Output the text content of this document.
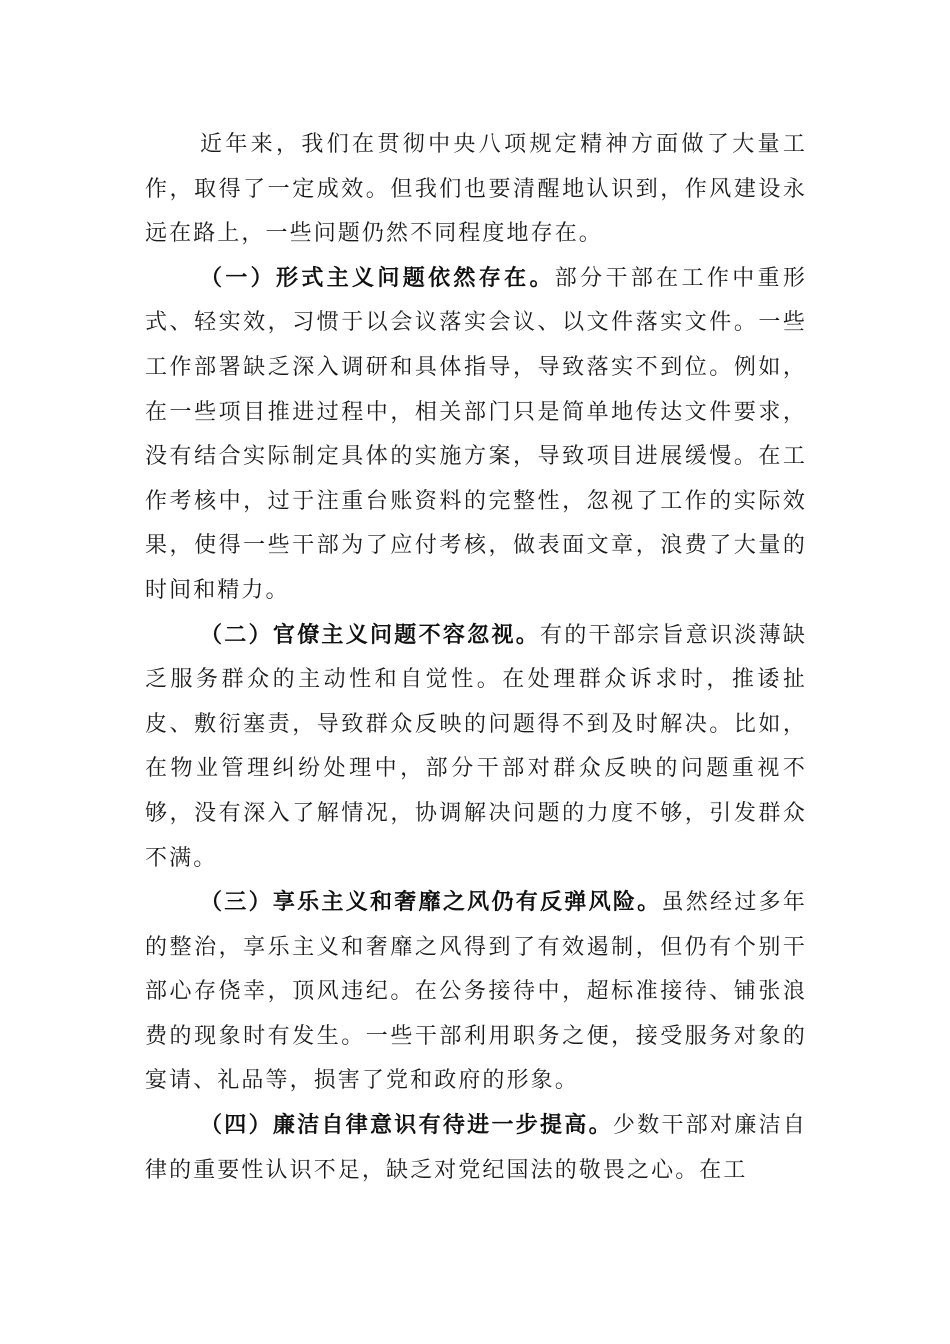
近年来，我们在贯彻中央八项规定精神方面做了大量工作，取得了一定成效。但我们也要清醒地认识到，作风建设永远在路上，一些问题仍然不同程度地存在。

（一）形式主义问题依然存在。部分干部在工作中重形式、轻实效，习惯于以会议落实会议、以文件落实文件。一些工作部署缺乏深入调研和具体指导，导致落实不到位。例如，在一些项目推进过程中，相关部门只是简单地传达文件要求，没有结合实际制定具体的实施方案，导致项目进展缓慢。在工作考核中，过于注重台账资料的完整性，忽视了工作的实际效果，使得一些干部为了应付考核，做表面文章，浪费了大量的时间和精力。

（二）官僚主义问题不容忽视。有的干部宗旨意识淡薄缺乏服务群众的主动性和自觉性。在处理群众诉求时，推诿扯皮、敷衍塞责，导致群众反映的问题得不到及时解决。比如，在物业管理纠纷处理中，部分干部对群众反映的问题重视不够，没有深入了解情况，协调解决问题的力度不够，引发群众不满。

（三）享乐主义和奢靡之风仍有反弹风险。虽然经过多年的整治，享乐主义和奢靡之风得到了有效遏制，但仍有个别干部心存侥幸，顶风违纪。在公务接待中，超标准接待、铺张浪费的现象时有发生。一些干部利用职务之便，接受服务对象的宴请、礼品等，损害了党和政府的形象。

（四）廉洁自律意识有待进一步提高。少数干部对廉洁自律的重要性认识不足，缺乏对党纪国法的敬畏之心。在工
